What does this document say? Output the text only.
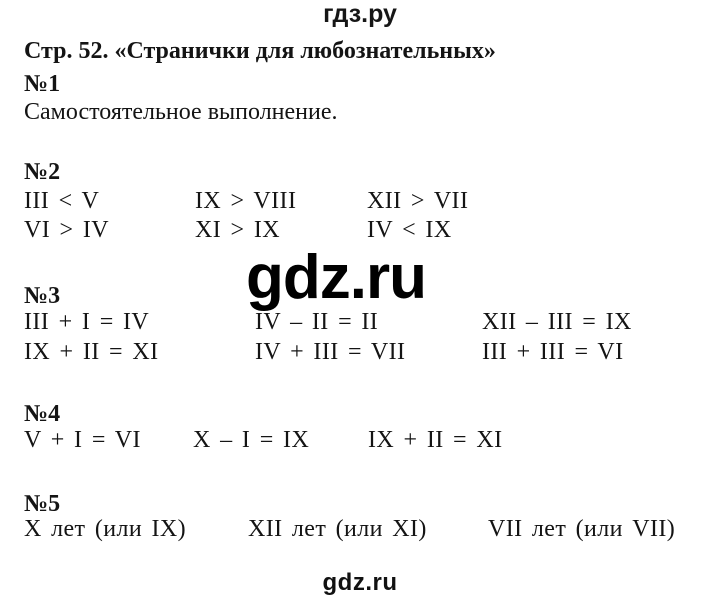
гдз.ру
Стр. 52. «Странички для любознательных»
№1
Самостоятельное выполнение.
№2
III < V	IX > VIII	XII > VII
VI > IV	XI > IX	IV < IX
gdz.ru
№3
III + I = IV	IV – II = II	XII – III = IX
IX + II = XI	IV + III = VII	III + III = VI
№4
V + I = VI X – I = IX IX + II = XI
№5
X лет (или IX)	XII лет (или XI)	VII лет (или VII)
gdz.ru
